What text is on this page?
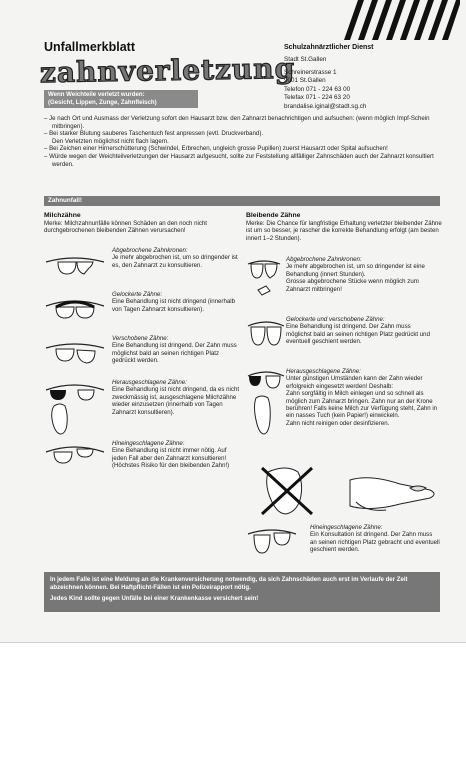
Unfallmerkblatt
zahnverletzung
Schulzahnärztlicher Dienst
Stadt St.Gallen
Schreinerstrasse 1
9001 St.Gallen
Telefon 071 - 224 63 00
Telefax 071 - 224 63 20
brandalise.iginal@stadt.sg.ch
Wenn Weichteile verletzt wurden:
(Gesicht, Lippen, Zunge, Zahnfleisch)

– Je nach Ort und Ausmass der Verletzung sofort den Hausarzt bzw. den Zahnarzt benachrichtigen und aufsuchen: (wenn möglich Impf-Schein mitbringen).

– Bei starker Blutung sauberes Taschentuch fest anpressen (evtl. Druckverband).
Den Verletzten möglichst nicht flach lagern.

– Bei Zeichen einer Hirnerschütterung (Schwindel, Erbrechen, ungleich grosse Pupillen) zuerst Hausarzt oder Spital aufsuchen!

– Würde wegen der Weichteilverletzungen der Hausarzt aufgesucht, sollte zur Feststellung allfälliger Zahnschäden auch der Zahnarzt konsultiert werden.

Zahnunfall!
Milchzähne

Merke: Milchzahnunfälle können Schäden an den noch nicht durchgebrochenen bleibenden Zähnen verursachen!

Abgebrochene Zahnkronen:
Je mehr abgebrochen ist, um so dringender ist es, den Zahnarzt zu konsultieren.
Gelockerte Zähne:
Eine Behandlung ist nicht dringend (innerhalb von Tagen Zahnarzt konsultieren).
Verschobene Zähne:
Eine Behandlung ist dringend. Der Zahn muss möglichst bald an seinen richtigen Platz gedrückt werden.
Herausgeschlagene Zähne:
Eine Behandlung ist nicht dringend, da es nicht zweckmässig ist, ausgeschlagene Milchzähne wieder einzusetzen (innerhalb von Tagen Zahnarzt konsultieren).
Hineingeschlagene Zähne:
Eine Behandlung ist nicht immer nötig. Auf jeden Fall aber den Zahnarzt konsultieren! (Höchstes Risiko für den bleibenden Zahn!)
Bleibende Zähne

Merke: Die Chance für langfristige Erhaltung verletzter bleibender Zähne ist um so besser, je rascher die korrekte Behandlung erfolgt (am besten innert 1–2 Stunden).

Abgebrochene Zahnkronen:
Je mehr abgebrochen ist, um so dringender ist eine Behandlung (innert Stunden).
Grosse abgebrochene Stücke wenn möglich zum Zahnarzt mitbringen!
Gelockerte und verschobene Zähne:
Eine Behandlung ist dringend. Der Zahn muss möglichst bald an seinen richtigen Platz gedrückt und eventuell geschient werden.
Herausgeschlagene Zähne:
Unter günstigen Umständen kann der Zahn wieder erfolgreich eingesetzt werden! Deshalb:
Zahn sorgfältig in Milch einlegen und so schnell als möglich zum Zahnarzt bringen. Zahn nur an der Krone berühren! Falls keine Milch zur Verfügung steht, Zahn in ein nasses Tuch (kein Papier!) einwickeln.
Zahn nicht reinigen oder desinfizieren.
Hineingeschlagene Zähne:
Ein Konsultation ist dringend. Der Zahn muss an seinen richtigen Platz gebracht und eventuell geschient werden.

In jedem Falle ist eine Meldung an die Krankenversicherung notwendig, da sich Zahnschäden auch erst im Verlaufe der Zeit abzeichnen können. Bei Haftpflicht-Fällen ist ein Polizeirapport nötig.

Jedes Kind sollte gegen Unfälle bei einer Krankenkasse versichert sein!
